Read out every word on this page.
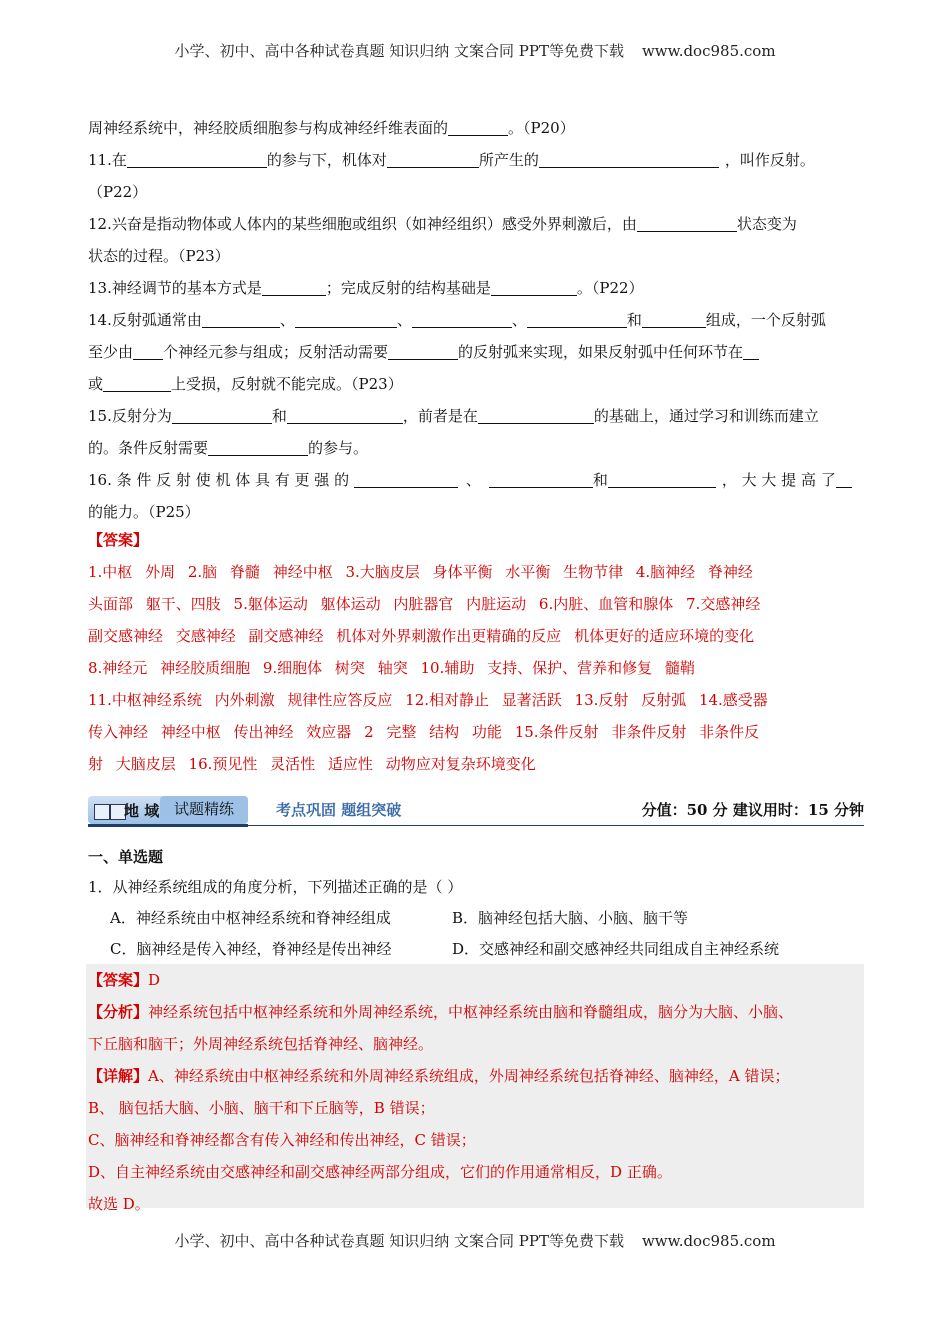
小学、初中、高中各种试卷真题 知识归纳 文案合同 PPT等免费下载 www.doc985.com
周神经系统中，神经胶质细胞参与构成神经纤维表面的	。（P20）
11.在	的参与下，机体对	所产生的	，叫作反射。
（P22）
12.兴奋是指动物体或人体内的某些细胞或组织（如神经组织）感受外界刺激后，由	状态变为
状态的过程。（P23）
13.神经调节的基本方式是	；完成反射的结构基础是	。（P22）
14.反射弧通常由	、	、	、	和	组成，一个反射弧
至少由 个神经元参与组成；反射活动需要	的反射弧来实现，如果反射弧中任何环节在
或	上受损，反射就不能完成。（P23）
15.反射分为	和	，前者是在	的基础上，通过学习和训练而建立
的。条件反射需要	的参与。
16. 条 件 反 射 使 机 体 具 有 更 强 的	、	和	， 大 大 提 高 了
的能力。（P25）
【答案】
1.中枢 外周 2.脑 脊髓 神经中枢 3.大脑皮层 身体平衡 水平衡 生物节律 4.脑神经 脊神经
头面部 躯干、四肢 5.躯体运动 躯体运动 内脏器官 内脏运动 6.内脏、血管和腺体 7.交感神经
副交感神经 交感神经 副交感神经 机体对外界刺激作出更精确的反应 机体更好的适应环境的变化
8.神经元 神经胶质细胞 9.细胞体 树突 轴突 10.辅助 支持、保护、营养和修复 髓鞘
11.中枢神经系统 内外刺激 规律性应答反应 12.相对静止 显著活跃 13.反射 反射弧 14.感受器
传入神经 神经中枢 传出神经 效应器 2 完整 结构 功能 15.条件反射 非条件反射 非条件反
射 大脑皮层 16.预见性 灵活性 适应性 动物应对复杂环境变化
地 域 试题精练	考点巩固 题组突破	分值：50 分 建议用时：15 分钟
一、单选题
1．从神经系统组成的角度分析，下列描述正确的是（ ）
A．神经系统由中枢神经系统和脊神经组成	B．脑神经包括大脑、小脑、脑干等
C．脑神经是传入神经，脊神经是传出神经	D．交感神经和副交感神经共同组成自主神经系统
【答案】D
【分析】神经系统包括中枢神经系统和外周神经系统，中枢神经系统由脑和脊髓组成，脑分为大脑、小脑、
下丘脑和脑干；外周神经系统包括脊神经、脑神经。
【详解】A、神经系统由中枢神经系统和外周神经系统组成，外周神经系统包括脊神经、脑神经，A 错误；
B、 脑包括大脑、小脑、脑干和下丘脑等，B 错误；
C、脑神经和脊神经都含有传入神经和传出神经，C 错误；
D、自主神经系统由交感神经和副交感神经两部分组成，它们的作用通常相反，D 正确。
故选 D。
小学、初中、高中各种试卷真题 知识归纳 文案合同 PPT等免费下载 www.doc985.com
